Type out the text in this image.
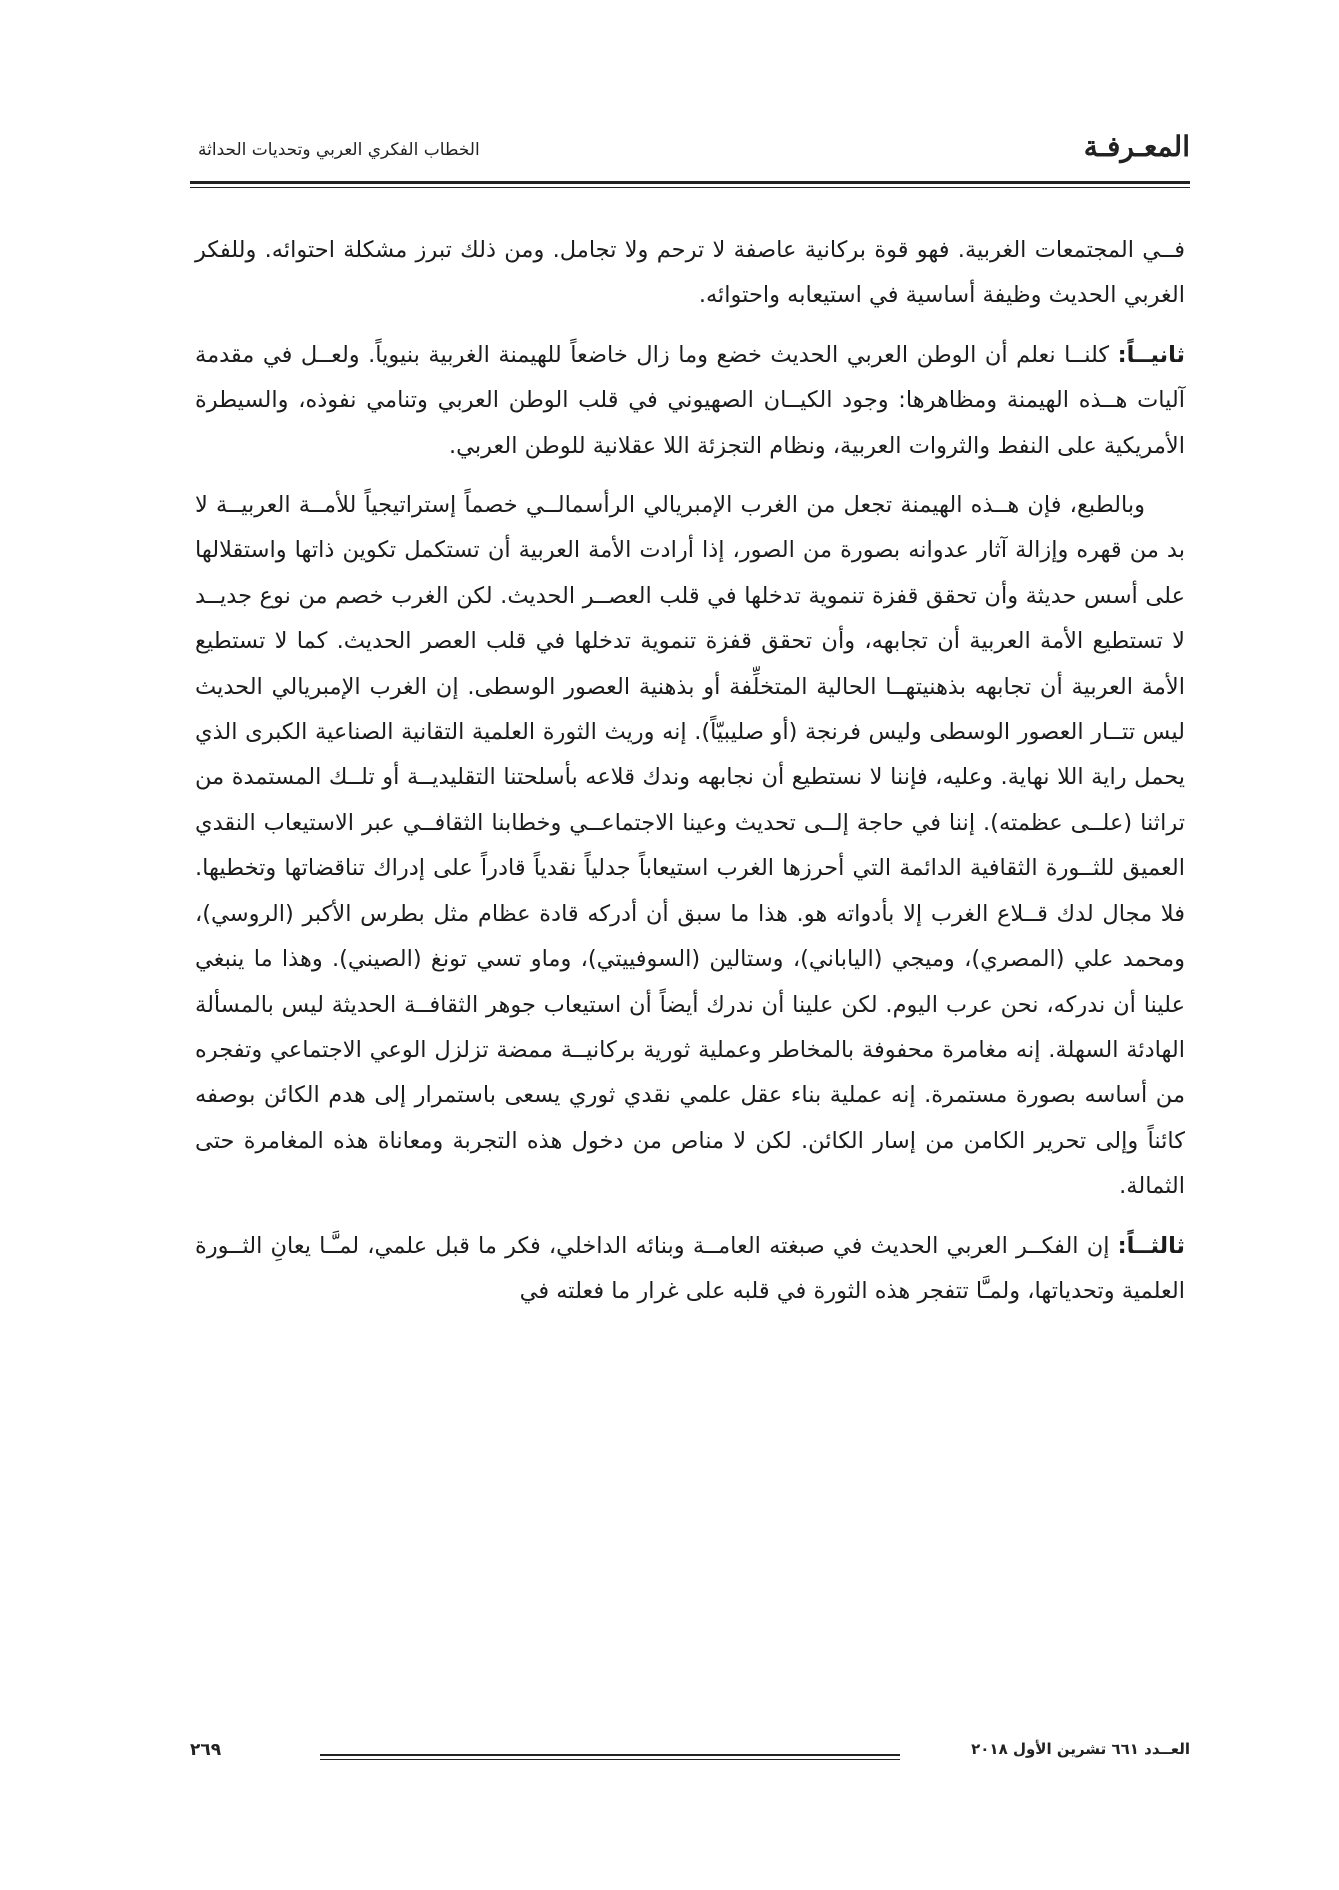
المعـرفـة
الخطاب الفكري العربي وتحديات الحداثة

فــي المجتمعات الغربية. فهو قوة بركانية عاصفة لا ترحم ولا تجامل. ومن ذلك تبرز مشكلة احتوائه. وللفكر الغربي الحديث وظيفة أساسية في استيعابه واحتوائه.

ثانيــاً: كلنــا نعلم أن الوطن العربي الحديث خضع وما زال خاضعاً للهيمنة الغربية بنيوياً. ولعــل في مقدمة آليات هــذه الهيمنة ومظاهرها: وجود الكيــان الصهيوني في قلب الوطن العربي وتنامي نفوذه، والسيطرة الأمريكية على النفط والثروات العربية، ونظام التجزئة اللا عقلانية للوطن العربي.

وبالطبع، فإن هــذه الهيمنة تجعل من الغرب الإمبريالي الرأسمالــي خصماً إستراتيجياً للأمــة العربيــة لا بد من قهره وإزالة آثار عدوانه بصورة من الصور، إذا أرادت الأمة العربية أن تستكمل تكوين ذاتها واستقلالها على أسس حديثة وأن تحقق قفزة تنموية تدخلها في قلب العصــر الحديث. لكن الغرب خصم من نوع جديــد لا تستطيع الأمة العربية أن تجابهه، وأن تحقق قفزة تنموية تدخلها في قلب العصر الحديث. كما لا تستطيع الأمة العربية أن تجابهه بذهنيتهــا الحالية المتخلِّفة أو بذهنية العصور الوسطى. إن الغرب الإمبريالي الحديث ليس تتــار العصور الوسطى وليس فرنجة (أو صليبيّاً). إنه وريث الثورة العلمية التقانية الصناعية الكبرى الذي يحمل راية اللا نهاية. وعليه، فإننا لا نستطيع أن نجابهه وندك قلاعه بأسلحتنا التقليديــة أو تلــك المستمدة من تراثنا (علــى عظمته). إننا في حاجة إلــى تحديث وعينا الاجتماعــي وخطابنا الثقافــي عبر الاستيعاب النقدي العميق للثــورة الثقافية الدائمة التي أحرزها الغرب استيعاباً جدلياً نقدياً قادراً على إدراك تناقضاتها وتخطيها. فلا مجال لدك قــلاع الغرب إلا بأدواته هو. هذا ما سبق أن أدركه قادة عظام مثل بطرس الأكبر (الروسي)، ومحمد علي (المصري)، وميجي (الياباني)، وستالين (السوفييتي)، وماو تسي تونغ (الصيني). وهذا ما ينبغي علينا أن ندركه، نحن عرب اليوم. لكن علينا أن ندرك أيضاً أن استيعاب جوهر الثقافــة الحديثة ليس بالمسألة الهادئة السهلة. إنه مغامرة محفوفة بالمخاطر وعملية ثورية بركانيــة ممضة تزلزل الوعي الاجتماعي وتفجره من أساسه بصورة مستمرة. إنه عملية بناء عقل علمي نقدي ثوري يسعى باستمرار إلى هدم الكائن بوصفه كائناً وإلى تحرير الكامن من إسار الكائن. لكن لا مناص من دخول هذه التجربة ومعاناة هذه المغامرة حتى الثمالة.

ثالثــاً: إن الفكــر العربي الحديث في صبغته العامــة وبنائه الداخلي، فكر ما قبل علمي، لمـَّـا يعانِ الثــورة العلمية وتحدياتها، ولمـَّا تتفجر هذه الثورة في قلبه على غرار ما فعلته في

العــدد ٦٦١ تشرين الأول ٢٠١٨
٢٦٩
